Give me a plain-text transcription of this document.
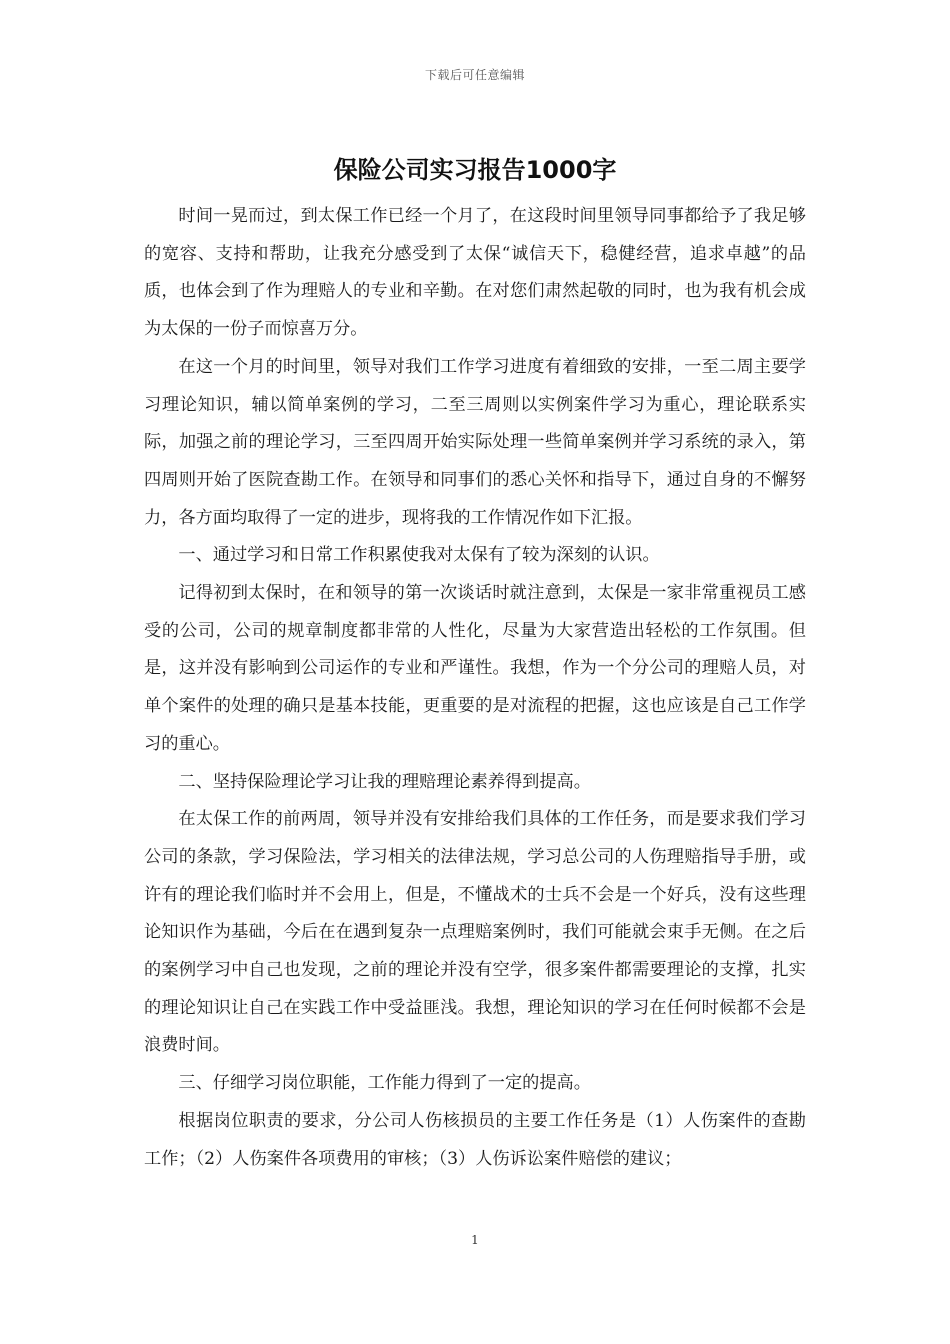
下载后可任意编辑
保险公司实习报告1000字

时间一晃而过，到太保工作已经一个月了，在这段时间里领导同事都给予了我足够的宽容、支持和帮助，让我充分感受到了太保“诚信天下，稳健经营，追求卓越”的品质，也体会到了作为理赔人的专业和辛勤。在对您们肃然起敬的同时，也为我有机会成为太保的一份子而惊喜万分。

在这一个月的时间里，领导对我们工作学习进度有着细致的安排，一至二周主要学习理论知识，辅以简单案例的学习，二至三周则以实例案件学习为重心，理论联系实际，加强之前的理论学习，三至四周开始实际处理一些简单案例并学习系统的录入，第四周则开始了医院查勘工作。在领导和同事们的悉心关怀和指导下，通过自身的不懈努力，各方面均取得了一定的进步，现将我的工作情况作如下汇报。

一、通过学习和日常工作积累使我对太保有了较为深刻的认识。

记得初到太保时，在和领导的第一次谈话时就注意到，太保是一家非常重视员工感受的公司，公司的规章制度都非常的人性化，尽量为大家营造出轻松的工作氛围。但是，这并没有影响到公司运作的专业和严谨性。我想，作为一个分公司的理赔人员，对单个案件的处理的确只是基本技能，更重要的是对流程的把握，这也应该是自己工作学习的重心。

二、坚持保险理论学习让我的理赔理论素养得到提高。

在太保工作的前两周，领导并没有安排给我们具体的工作任务，而是要求我们学习公司的条款，学习保险法，学习相关的法律法规，学习总公司的人伤理赔指导手册，或许有的理论我们临时并不会用上，但是，不懂战术的士兵不会是一个好兵，没有这些理论知识作为基础，今后在在遇到复杂一点理赔案例时，我们可能就会束手无侧。在之后的案例学习中自己也发现，之前的理论并没有空学，很多案件都需要理论的支撑，扎实的理论知识让自己在实践工作中受益匪浅。我想，理论知识的学习在任何时候都不会是浪费时间。

三、仔细学习岗位职能，工作能力得到了一定的提高。

根据岗位职责的要求，分公司人伤核损员的主要工作任务是（1）人伤案件的查勘工作；（2）人伤案件各项费用的审核；（3）人伤诉讼案件赔偿的建议；

1
